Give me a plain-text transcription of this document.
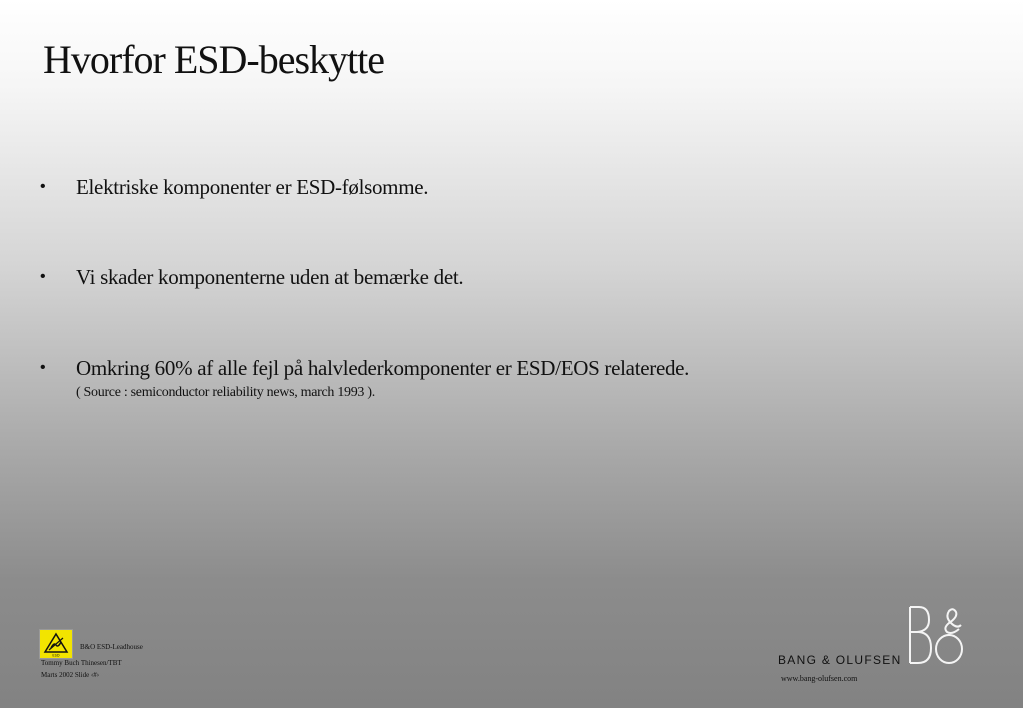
Hvorfor ESD-beskytte
• Elektriske komponenter er ESD-følsomme.
• Vi skader komponenterne uden at bemærke det.
• Omkring 60% af alle fejl på halvlederkomponenter er ESD/EOS relaterede.
( Source : semiconductor reliability news, march 1993 ).
ESD
B&O ESD-Leadhouse
Tommy Buch Thinesen/TBT
Marts 2002 Slide ‹#›
BANG & OLUFSEN
www.bang-olufsen.com
B&O
